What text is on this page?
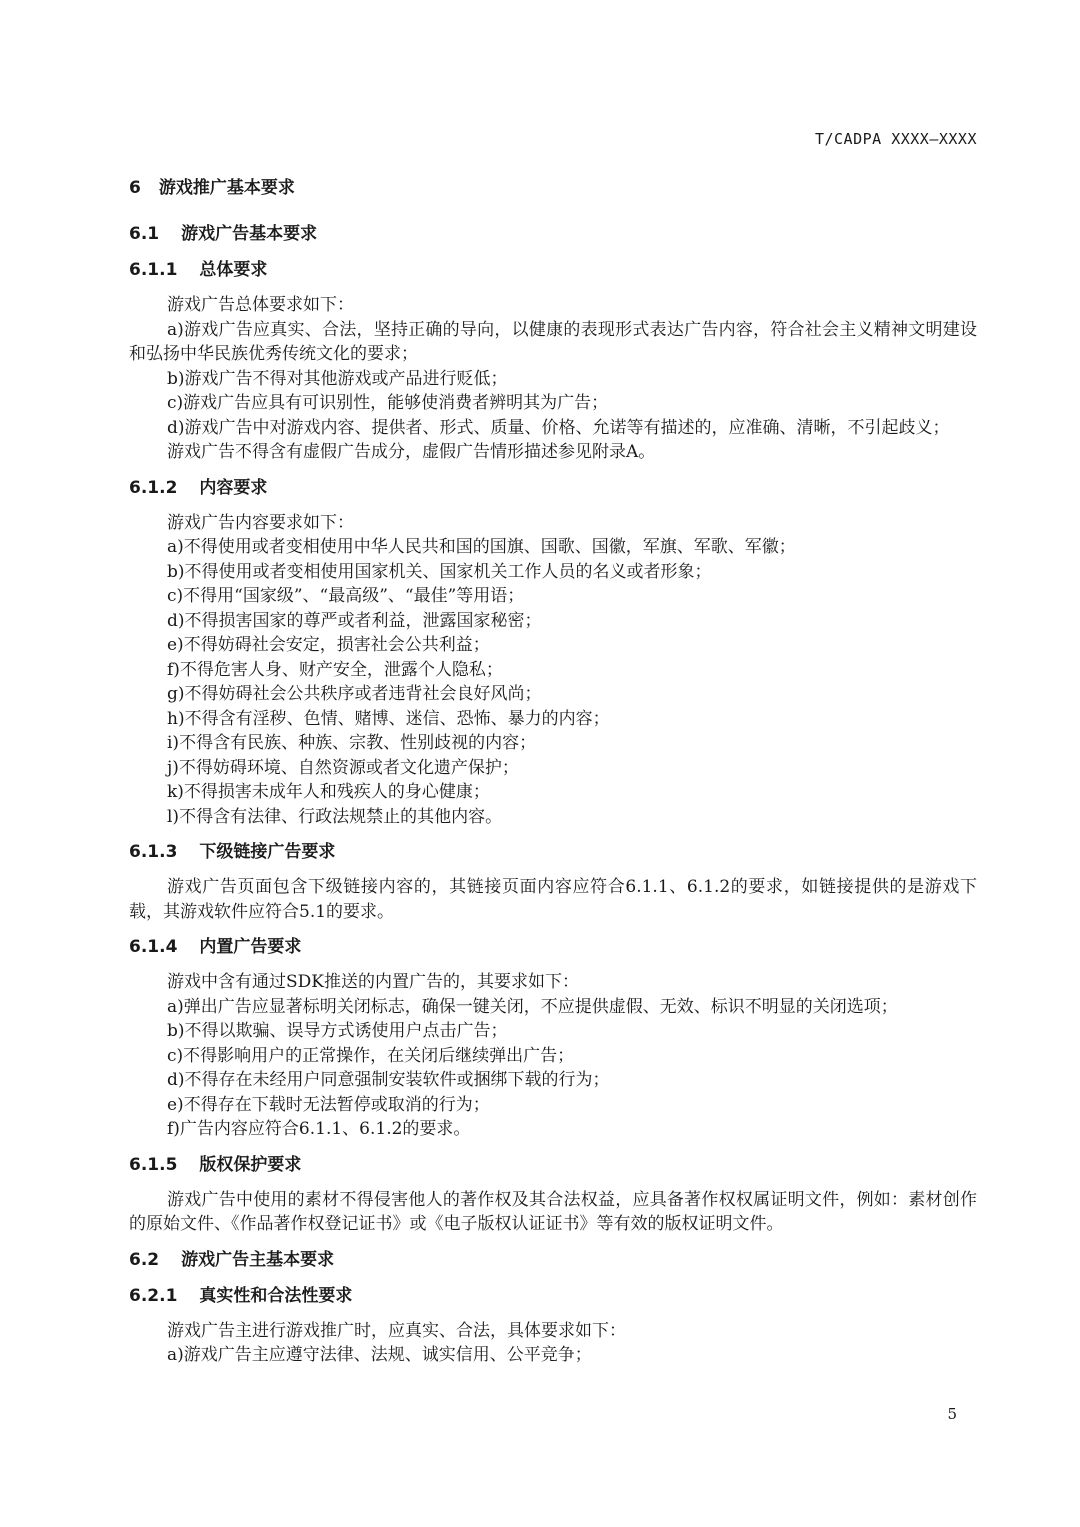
T/CADPA XXXX—XXXX
6 游戏推广基本要求
6.1 游戏广告基本要求
6.1.1 总体要求
游戏广告总体要求如下：
a)游戏广告应真实、合法，坚持正确的导向，以健康的表现形式表达广告内容，符合社会主义精神文明建设和弘扬中华民族优秀传统文化的要求；
b)游戏广告不得对其他游戏或产品进行贬低；
c)游戏广告应具有可识别性，能够使消费者辨明其为广告；
d)游戏广告中对游戏内容、提供者、形式、质量、价格、允诺等有描述的，应准确、清晰，不引起歧义；
游戏广告不得含有虚假广告成分，虚假广告情形描述参见附录A。
6.1.2 内容要求
游戏广告内容要求如下：
a)不得使用或者变相使用中华人民共和国的国旗、国歌、国徽，军旗、军歌、军徽；
b)不得使用或者变相使用国家机关、国家机关工作人员的名义或者形象；
c)不得用“国家级”、“最高级”、“最佳”等用语；
d)不得损害国家的尊严或者利益，泄露国家秘密；
e)不得妨碍社会安定，损害社会公共利益；
f)不得危害人身、财产安全，泄露个人隐私；
g)不得妨碍社会公共秩序或者违背社会良好风尚；
h)不得含有淫秽、色情、赌博、迷信、恐怖、暴力的内容；
i)不得含有民族、种族、宗教、性别歧视的内容；
j)不得妨碍环境、自然资源或者文化遗产保护；
k)不得损害未成年人和残疾人的身心健康；
l)不得含有法律、行政法规禁止的其他内容。
6.1.3 下级链接广告要求
游戏广告页面包含下级链接内容的，其链接页面内容应符合6.1.1、6.1.2的要求，如链接提供的是游戏下载，其游戏软件应符合5.1的要求。
6.1.4 内置广告要求
游戏中含有通过SDK推送的内置广告的，其要求如下：
a)弹出广告应显著标明关闭标志，确保一键关闭，不应提供虚假、无效、标识不明显的关闭选项；
b)不得以欺骗、误导方式诱使用户点击广告；
c)不得影响用户的正常操作，在关闭后继续弹出广告；
d)不得存在未经用户同意强制安装软件或捆绑下载的行为；
e)不得存在下载时无法暂停或取消的行为；
f)广告内容应符合6.1.1、6.1.2的要求。
6.1.5 版权保护要求
游戏广告中使用的素材不得侵害他人的著作权及其合法权益，应具备著作权权属证明文件，例如：素材创作的原始文件、《作品著作权登记证书》或《电子版权认证证书》等有效的版权证明文件。
6.2 游戏广告主基本要求
6.2.1 真实性和合法性要求
游戏广告主进行游戏推广时，应真实、合法，具体要求如下：
a)游戏广告主应遵守法律、法规、诚实信用、公平竞争；
5
